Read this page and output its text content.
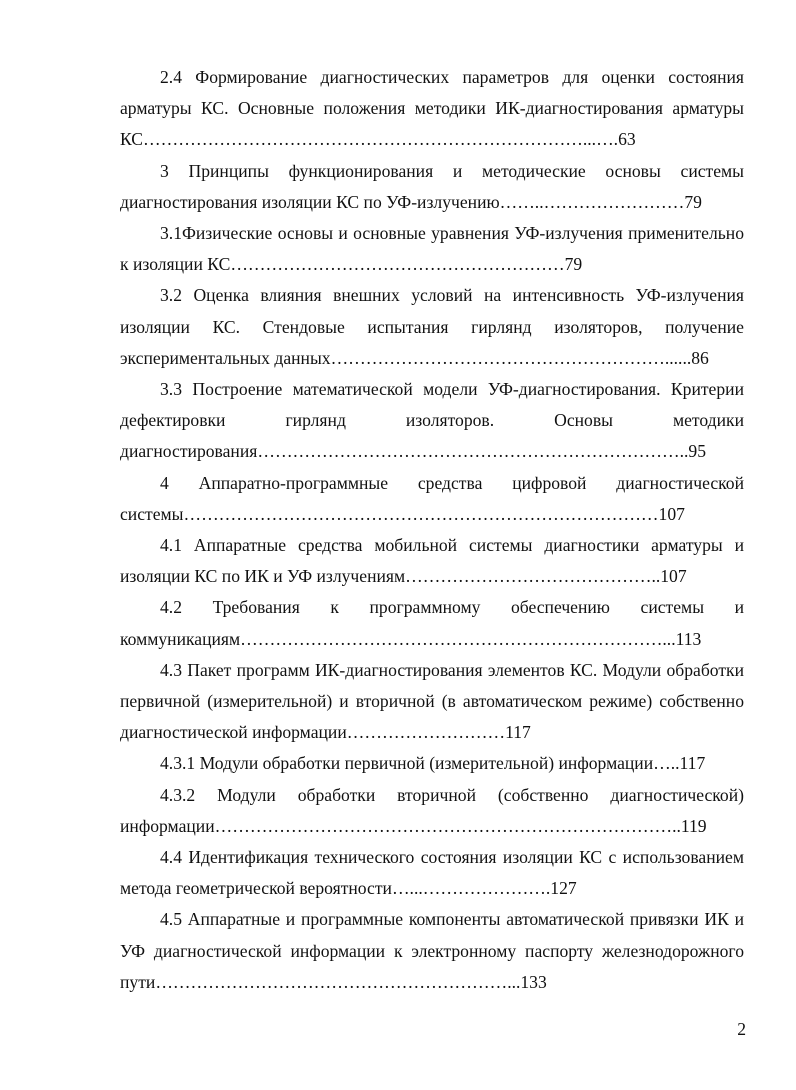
2.4 Формирование диагностических параметров для оценки состояния арматуры КС. Основные положения методики ИК-диагностирования арматуры КС…………………………………………………………………...….63

3 Принципы функционирования и методические основы системы диагностирования изоляции КС по УФ-излучению……..……………………79

3.1Физические основы и основные уравнения УФ-излучения применительно к изоляции КС…………………………………………………79

3.2 Оценка влияния внешних условий на интенсивность УФ-излучения изоляции КС. Стендовые испытания гирлянд изоляторов, получение экспериментальных данных…………………………………………………......86

3.3 Построение математической модели УФ-диагностирования. Критерии дефектировки гирлянд изоляторов. Основы методики диагностирования………………………………………………………………..95

4 Аппаратно-программные средства цифровой диагностической системы………………………………………………………………………107

4.1 Аппаратные средства мобильной системы диагностики арматуры и изоляции КС по ИК и УФ излучениям……………………………………..107

4.2 Требования к программному обеспечению системы и коммуникациям………………………………………………………………...113

4.3 Пакет программ ИК-диагностирования элементов КС. Модули обработки первичной (измерительной) и вторичной (в автоматическом режиме) собственно диагностической информации………………………117

4.3.1 Модули обработки первичной (измерительной) информации…..117

4.3.2 Модули обработки вторичной (собственно диагностической) информации……………………………………………………………………..119

4.4 Идентификация технического состояния изоляции КС с использованием метода геометрической вероятности…...………………….127

4.5 Аппаратные и программные компоненты автоматической привязки ИК и УФ диагностической информации к электронному паспорту железнодорожного пути……………………………………………………...133

2
